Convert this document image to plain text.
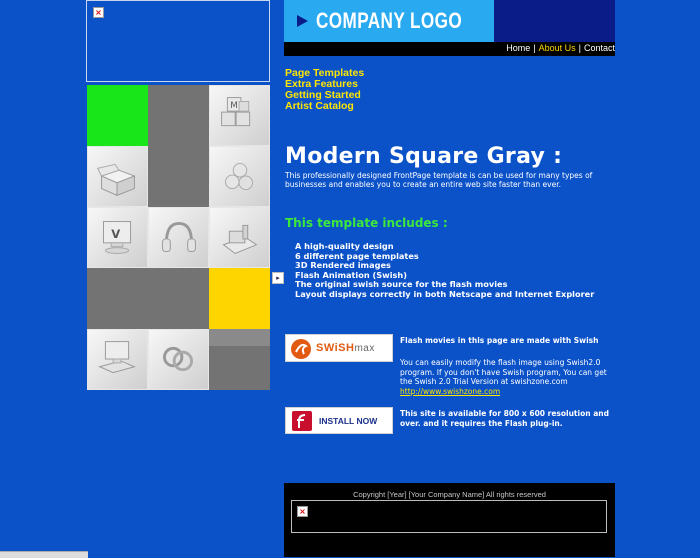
×
M
V
▸
COMPANY LOGO
Home | About Us | Contact
Page Templates
Extra Features
Getting Started
Artist Catalog
Modern Square Gray :
This professionally designed FrontPage template is can be used for many types of businesses and enables you to create an entire web site faster than ever.
This template includes :
A high-quality design
6 different page templates
3D Rendered images
Flash Animation (Swish)
The original swish source for the flash movies
Layout displays correctly in both Netscape and Internet Explorer
SWiSHmax
Flash movies in this page are made with Swish
You can easily modify the flash image using Swish2.0 program. If you don't have Swish program, You can get the Swish 2.0 Trial Version at swishzone.com
http://www.swishzone.com
INSTALL NOW
This site is available for 800 x 600 resolution and over. and it requires the Flash plug-in.
Copyright [Year] [Your Company Name] All rights reserved
×
